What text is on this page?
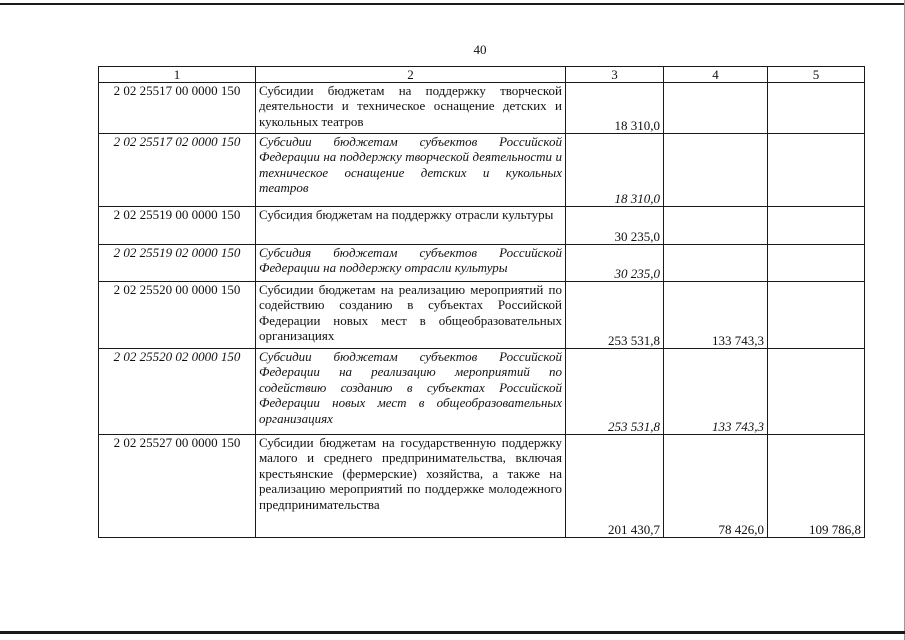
40
1	2	3	4	5
2 02 25517 00 0000 150	Субсидии бюджетам на поддержку творческой деятельности и техническое оснащение детских и кукольных театров	18 310,0		
2 02 25517 02 0000 150	Субсидии бюджетам субъектов Российской Федерации на поддержку творческой деятельности и техническое оснащение детских и кукольных театров	18 310,0		
2 02 25519 00 0000 150	Субсидия бюджетам на поддержку отрасли культуры	30 235,0		
2 02 25519 02 0000 150	Субсидия бюджетам субъектов Российской Федерации на поддержку отрасли культуры	30 235,0		
2 02 25520 00 0000 150	Субсидии бюджетам на реализацию мероприятий по содействию созданию в субъектах Российской Федерации новых мест в общеобразовательных организациях	253 531,8	133 743,3	
2 02 25520 02 0000 150	Субсидии бюджетам субъектов Российской Федерации на реализацию мероприятий по содействию созданию в субъектах Российской Федерации новых мест в общеобразовательных организациях	253 531,8	133 743,3	
2 02 25527 00 0000 150	Субсидии бюджетам на государственную поддержку малого и среднего предпринимательства, включая крестьянские (фермерские) хозяйства, а также на реализацию мероприятий по поддержке молодежного предпринимательства	201 430,7	78 426,0	109 786,8
